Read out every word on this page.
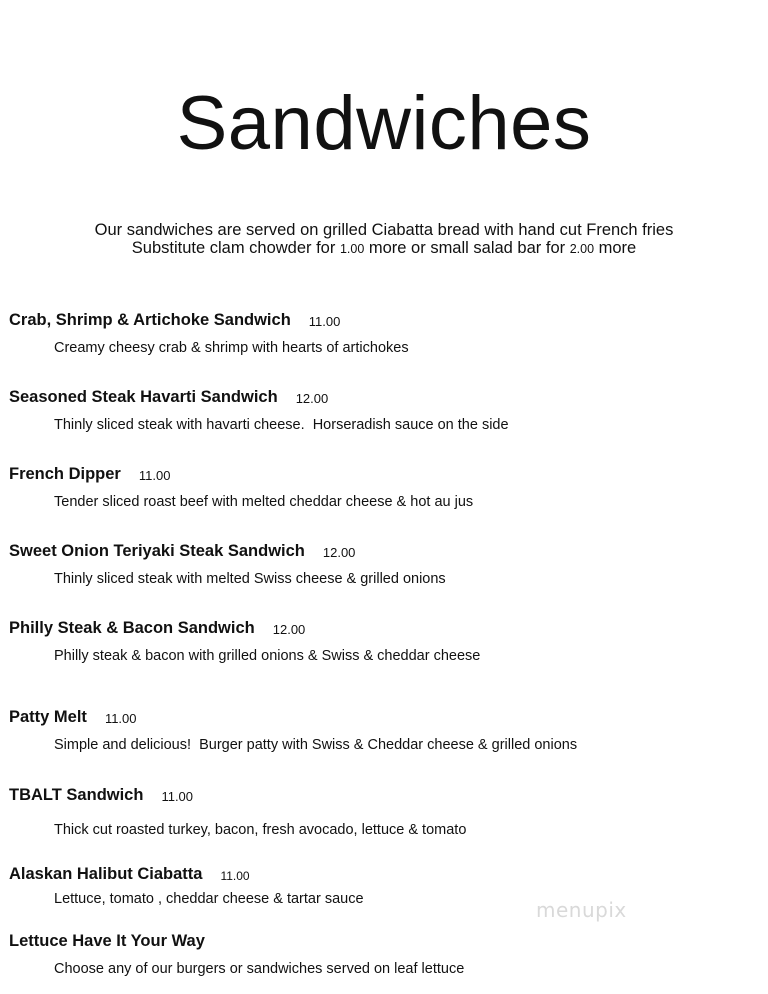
Sandwiches
Our sandwiches are served on grilled Ciabatta bread with hand cut French fries
Substitute clam chowder for 1.00 more or small salad bar for 2.00 more
Crab, Shrimp & Artichoke Sandwich 11.00
Creamy cheesy crab & shrimp with hearts of artichokes
Seasoned Steak Havarti Sandwich 12.00
Thinly sliced steak with havarti cheese.  Horseradish sauce on the side
French Dipper 11.00
Tender sliced roast beef with melted cheddar cheese & hot au jus
Sweet Onion Teriyaki Steak Sandwich 12.00
Thinly sliced steak with melted Swiss cheese & grilled onions
Philly Steak & Bacon Sandwich 12.00
Philly steak & bacon with grilled onions & Swiss & cheddar cheese
Patty Melt 11.00
Simple and delicious!  Burger patty with Swiss & Cheddar cheese & grilled onions
TBALT Sandwich 11.00
Thick cut roasted turkey, bacon, fresh avocado, lettuce & tomato
Alaskan Halibut Ciabatta 11.00
Lettuce, tomato , cheddar cheese & tartar sauce
Lettuce Have It Your Way
Choose any of our burgers or sandwiches served on leaf lettuce
menupix
